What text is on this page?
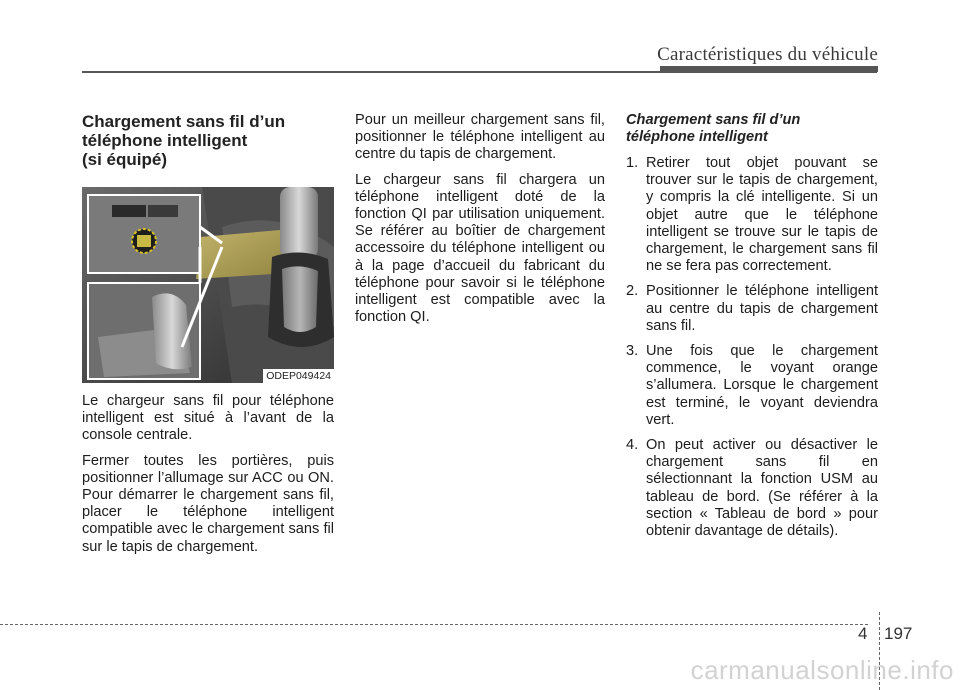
Caractéristiques du véhicule
Chargement sans fil d’un
téléphone intelligent
(si équipé)
ODEP049424

Le chargeur sans fil pour téléphone intelligent est situé à l’avant de la console centrale.

Fermer toutes les portières, puis positionner l’allumage sur ACC ou ON. Pour démarrer le chargement sans fil, placer le téléphone intelligent compatible avec le chargement sans fil sur le tapis de chargement.

Pour un meilleur chargement sans fil, positionner le téléphone intelligent au centre du tapis de chargement.

Le chargeur sans fil chargera un téléphone intelligent doté de la fonction QI par utilisation uniquement. Se référer au boîtier de chargement accessoire du téléphone intelligent ou à la page d’accueil du fabricant du téléphone pour savoir si le téléphone intelligent est compatible avec la fonction QI.

Chargement sans fil d’un
téléphone intelligent
1. Retirer tout objet pouvant se trouver sur le tapis de chargement, y compris la clé intelligente. Si un objet autre que le téléphone intelligent se trouve sur le tapis de chargement, le chargement sans fil ne se fera pas correctement.
2. Positionner le téléphone intelligent au centre du tapis de chargement sans fil.
3. Une fois que le chargement commence, le voyant orange s’allumera. Lorsque le chargement est terminé, le voyant deviendra vert.
4. On peut activer ou désactiver le chargement sans fil en sélectionnant la fonction USM au tableau de bord. (Se référer à la section « Tableau de bord » pour obtenir davantage de détails).
4 197
carmanualsonline.info
